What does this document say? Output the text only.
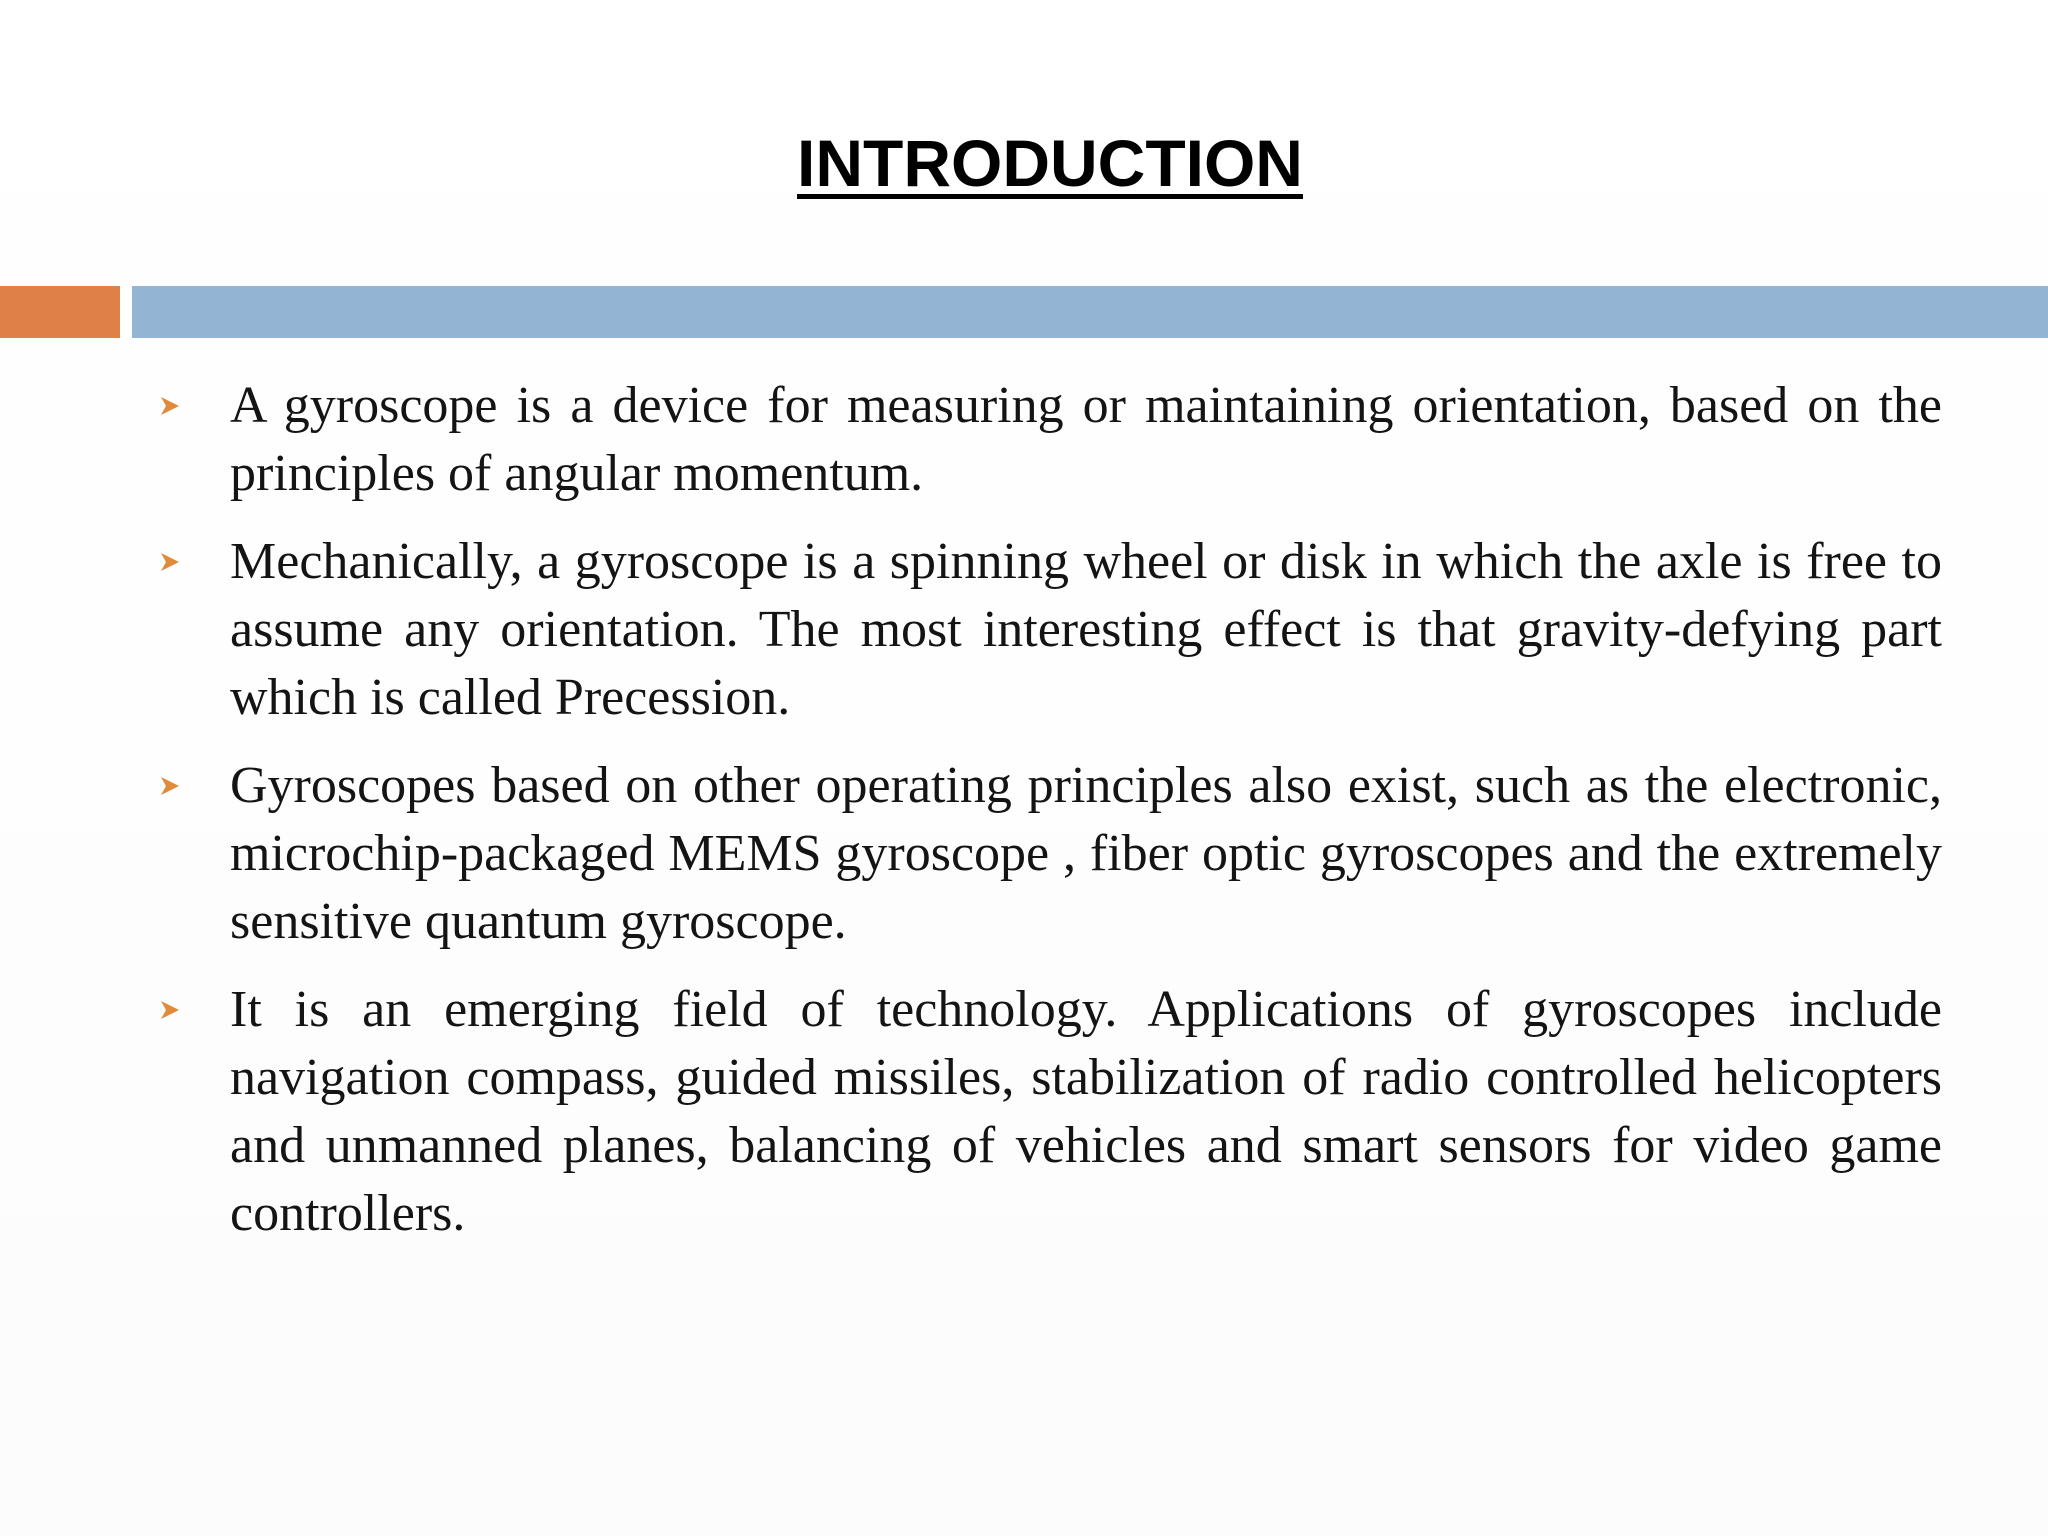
INTRODUCTION
A gyroscope is a device for measuring or maintaining orientation, based on the principles of angular momentum.
Mechanically, a gyroscope is a spinning wheel or disk in which the axle is free to assume any orientation. The most interesting effect is that gravity-defying part which is called Precession.
Gyroscopes based on other operating principles also exist, such as the electronic, microchip-packaged MEMS gyroscope , fiber optic gyroscopes and the extremely sensitive quantum gyroscope.
It is an emerging field of technology. Applications of gyroscopes include navigation compass, guided missiles, stabilization of radio controlled helicopters and unmanned planes, balancing of vehicles and smart sensors for video game controllers.
